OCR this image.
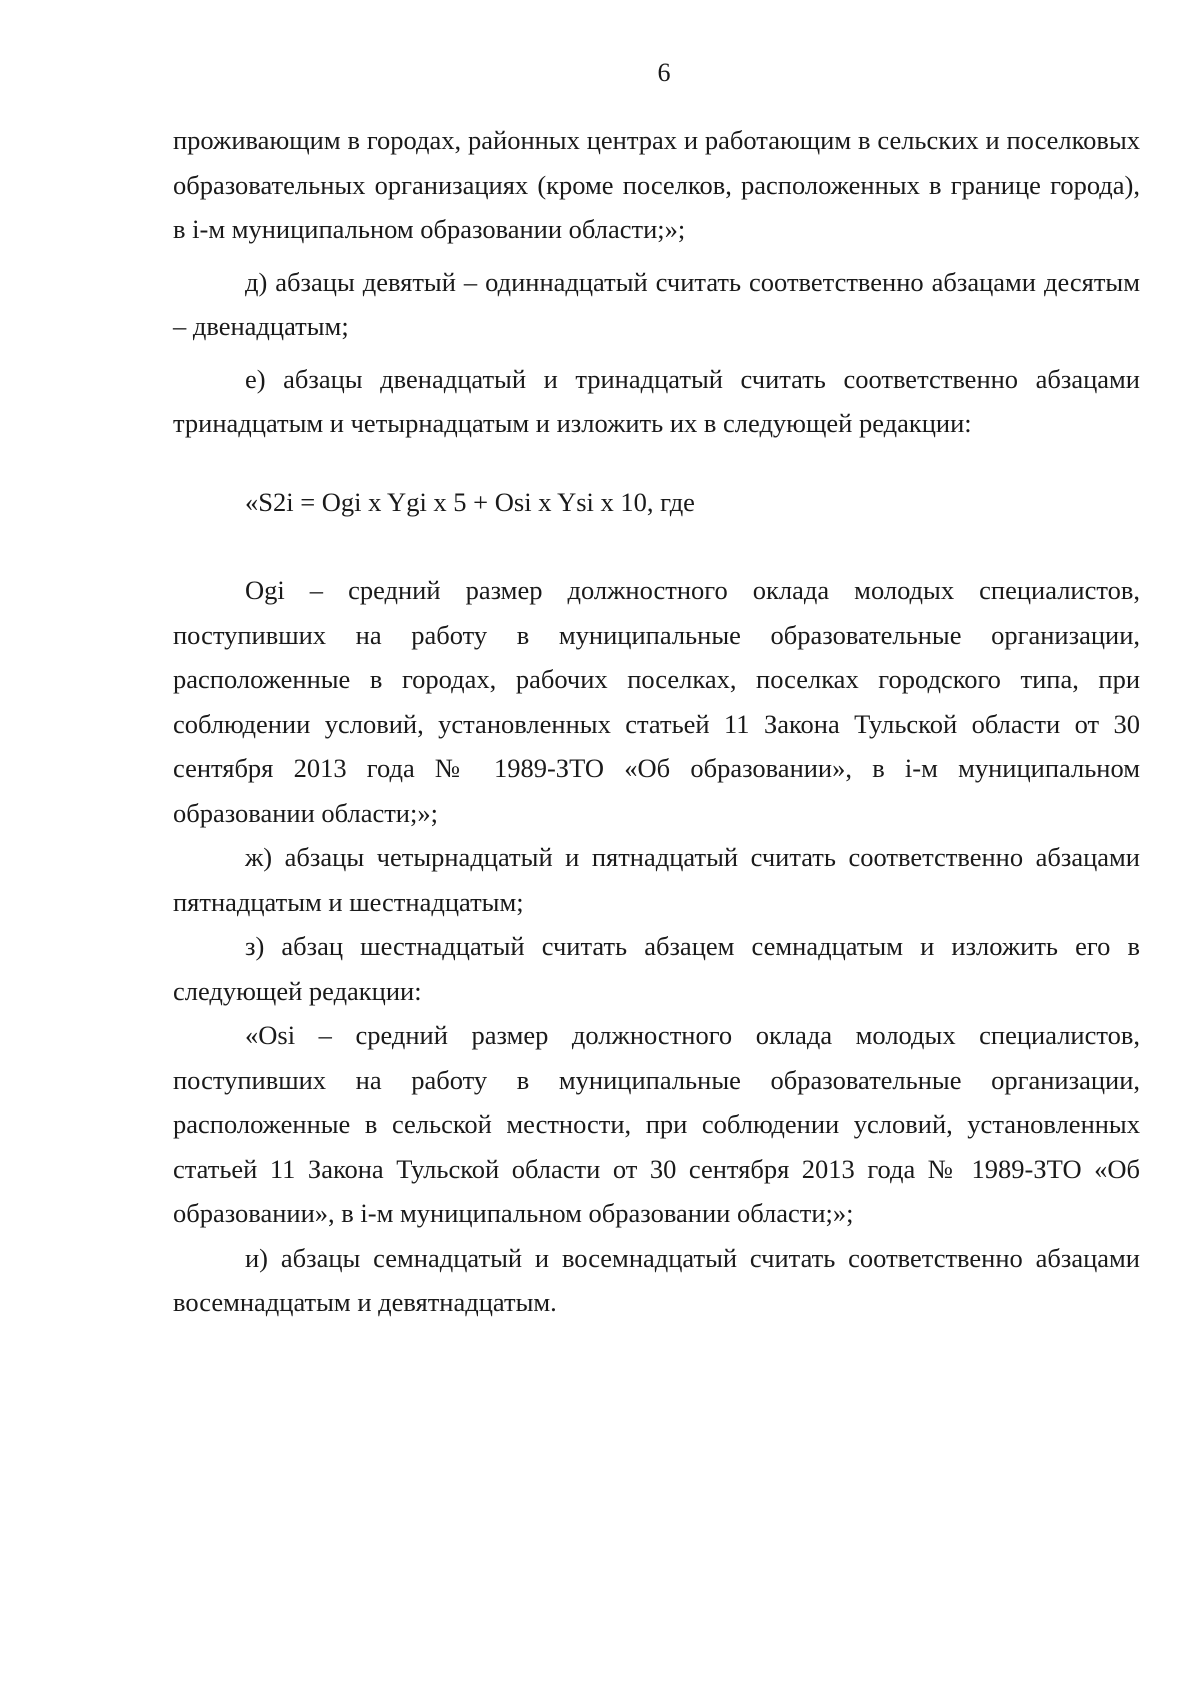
6

проживающим в городах, районных центрах и работающим в сельских и поселковых образовательных организациях (кроме поселков, расположенных в границе города), в i-м муниципальном образовании области;»;

д) абзацы девятый – одиннадцатый считать соответственно абзацами десятым – двенадцатым;

е) абзацы двенадцатый и тринадцатый считать соответственно абзацами тринадцатым и четырнадцатым и изложить их в следующей редакции:

«S2i = Ogi x Ygi x 5 + Osi x Ysi x 10, где

Ogi – средний размер должностного оклада молодых специалистов, поступивших на работу в муниципальные образовательные организации, расположенные в городах, рабочих поселках, поселках городского типа, при соблюдении условий, установленных статьей 11 Закона Тульской области от 30 сентября 2013 года № 1989-ЗТО «Об образовании», в i-м муниципальном образовании области;»;

ж) абзацы четырнадцатый и пятнадцатый считать соответственно абзацами пятнадцатым и шестнадцатым;

з) абзац шестнадцатый считать абзацем семнадцатым и изложить его в следующей редакции:

«Osi – средний размер должностного оклада молодых специалистов, поступивших на работу в муниципальные образовательные организации, расположенные в сельской местности, при соблюдении условий, установленных статьей 11 Закона Тульской области от 30 сентября 2013 года № 1989-ЗТО «Об образовании», в i-м муниципальном образовании области;»;

и) абзацы семнадцатый и восемнадцатый считать соответственно абзацами восемнадцатым и девятнадцатым.
